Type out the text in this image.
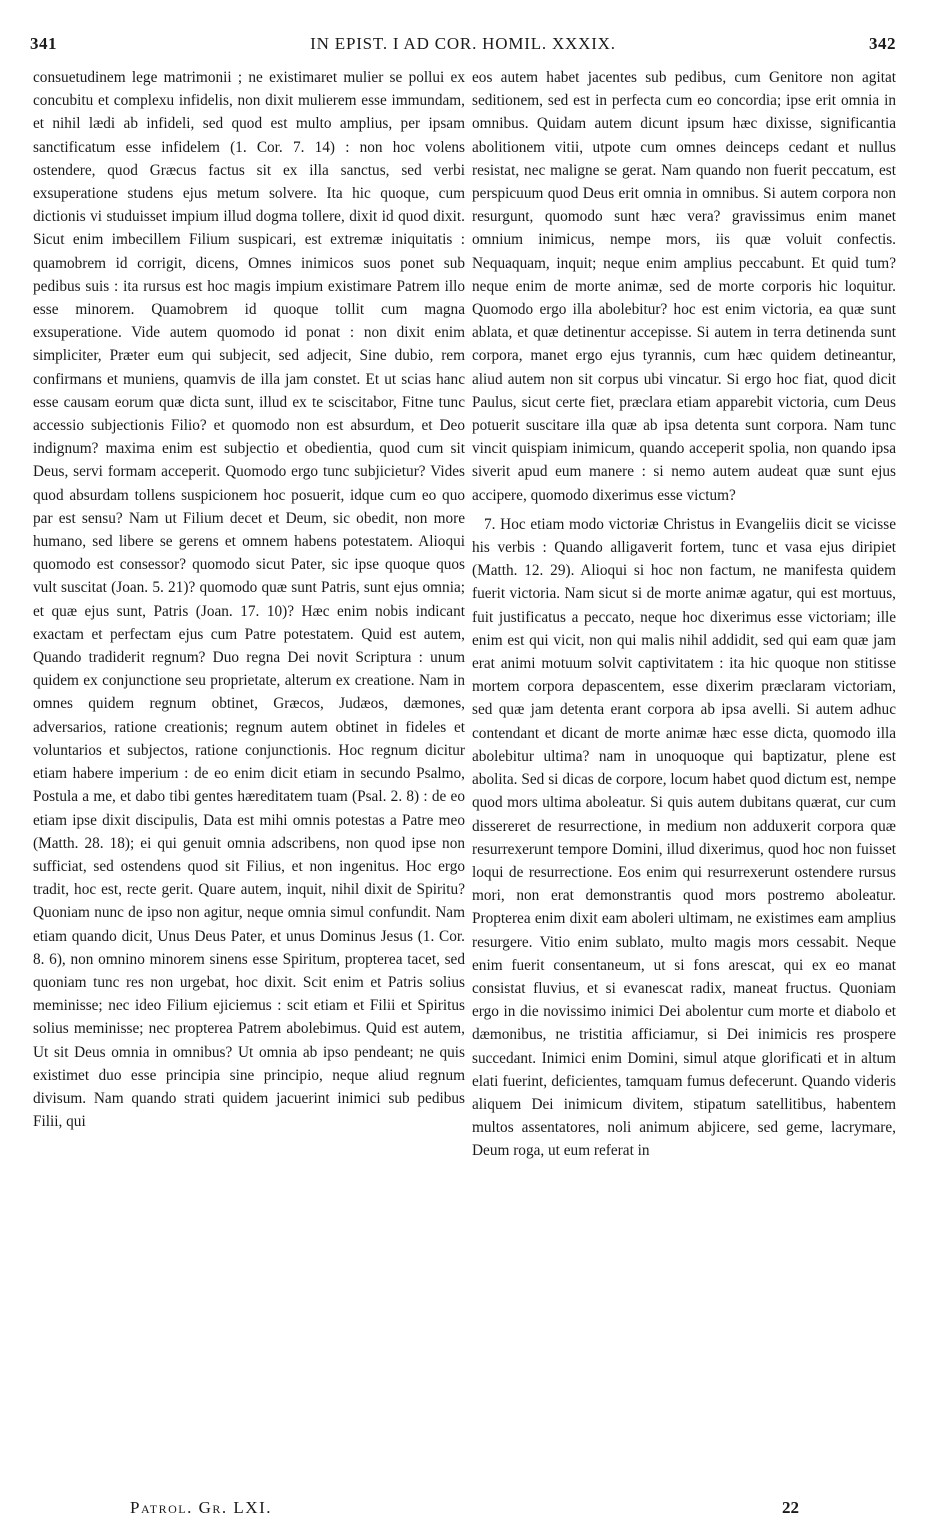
341	IN EPIST. I AD COR. HOMIL. XXXIX.	342

consuetudinem lege matrimonii ; ne existimaret mulier se pollui ex concubitu et complexu infidelis, non dixit mulierem esse immundam, et nihil lædi ab infideli, sed quod est multo amplius, per ipsam sanctificatum esse infidelem (1. Cor. 7. 14) : non hoc volens ostendere, quod Græcus factus sit ex illa sanctus, sed verbi exsuperatione studens ejus metum solvere. Ita hic quoque, cum dictionis vi studuisset impium illud dogma tollere, dixit id quod dixit. Sicut enim imbecillem Filium suspicari, est extremæ iniquitatis : quamobrem id corrigit, dicens, Omnes inimicos suos ponet sub pedibus suis : ita rursus est hoc magis impium existimare Patrem illo esse minorem. Quamobrem id quoque tollit cum magna exsuperatione. Vide autem quomodo id ponat : non dixit enim simpliciter, Præter eum qui subjecit, sed adjecit, Sine dubio, rem confirmans et muniens, quamvis de illa jam constet. Et ut scias hanc esse causam eorum quæ dicta sunt, illud ex te sciscitabor, Fitne tunc accessio subjectionis Filio? et quomodo non est absurdum, et Deo indignum? maxima enim est subjectio et obedientia, quod cum sit Deus, servi formam acceperit. Quomodo ergo tunc subjicietur? Vides quod absurdam tollens suspicionem hoc posuerit, idque cum eo quo par est sensu? Nam ut Filium decet et Deum, sic obedit, non more humano, sed libere se gerens et omnem habens potestatem. Alioqui quomodo est consessor? quomodo sicut Pater, sic ipse quoque quos vult suscitat (Joan. 5. 21)? quomodo quæ sunt Patris, sunt ejus omnia; et quæ ejus sunt, Patris (Joan. 17. 10)? Hæc enim nobis indicant exactam et perfectam ejus cum Patre potestatem. Quid est autem, Quando tradiderit regnum? Duo regna Dei novit Scriptura : unum quidem ex conjunctione seu proprietate, alterum ex creatione. Nam in omnes quidem regnum obtinet, Græcos, Judæos, dæmones, adversarios, ratione creationis; regnum autem obtinet in fideles et voluntarios et subjectos, ratione conjunctionis. Hoc regnum dicitur etiam habere imperium : de eo enim dicit etiam in secundo Psalmo, Postula a me, et dabo tibi gentes hæreditatem tuam (Psal. 2. 8) : de eo etiam ipse dixit discipulis, Data est mihi omnis potestas a Patre meo (Matth. 28. 18); ei qui genuit omnia adscribens, non quod ipse non sufficiat, sed ostendens quod sit Filius, et non ingenitus. Hoc ergo tradit, hoc est, recte gerit. Quare autem, inquit, nihil dixit de Spiritu? Quoniam nunc de ipso non agitur, neque omnia simul confundit. Nam etiam quando dicit, Unus Deus Pater, et unus Dominus Jesus (1. Cor. 8. 6), non omnino minorem sinens esse Spiritum, propterea tacet, sed quoniam tunc res non urgebat, hoc dixit. Scit enim et Patris solius meminisse; nec ideo Filium ejiciemus : scit etiam et Filii et Spiritus solius meminisse; nec propterea Patrem abolebimus. Quid est autem, Ut sit Deus omnia in omnibus? Ut omnia ab ipso pendeant; ne quis existimet duo esse principia sine principio, neque aliud regnum divisum. Nam quando strati quidem jacuerint inimici sub pedibus Filii, qui

eos autem habet jacentes sub pedibus, cum Genitore non agitat seditionem, sed est in perfecta cum eo concordia; ipse erit omnia in omnibus. Quidam autem dicunt ipsum hæc dixisse, significantia abolitionem vitii, utpote cum omnes deinceps cedant et nullus resistat, nec maligne se gerat. Nam quando non fuerit peccatum, est perspicuum quod Deus erit omnia in omnibus. Si autem corpora non resurgunt, quomodo sunt hæc vera? gravissimus enim manet omnium inimicus, nempe mors, iis quæ voluit confectis. Nequaquam, inquit; neque enim amplius peccabunt. Et quid tum? neque enim de morte animæ, sed de morte corporis hic loquitur. Quomodo ergo illa abolebitur? hoc est enim victoria, ea quæ sunt ablata, et quæ detinentur accepisse. Si autem in terra detinenda sunt corpora, manet ergo ejus tyrannis, cum hæc quidem detineantur, aliud autem non sit corpus ubi vincatur. Si ergo hoc fiat, quod dicit Paulus, sicut certe fiet, præclara etiam apparebit victoria, cum Deus potuerit suscitare illa quæ ab ipsa detenta sunt corpora. Nam tunc vincit quispiam inimicum, quando acceperit spolia, non quando ipsa siverit apud eum manere : si nemo autem audeat quæ sunt ejus accipere, quomodo dixerimus esse victum?

7. Hoc etiam modo victoriæ Christus in Evangeliis dicit se vicisse his verbis : Quando alligaverit fortem, tunc et vasa ejus diripiet (Matth. 12. 29). Alioqui si hoc non factum, ne manifesta quidem fuerit victoria. Nam sicut si de morte animæ agatur, qui est mortuus, fuit justificatus a peccato, neque hoc dixerimus esse victoriam; ille enim est qui vicit, non qui malis nihil addidit, sed qui eam quæ jam erat animi motuum solvit captivitatem : ita hic quoque non stitisse mortem corpora depascentem, esse dixerim præclaram victoriam, sed quæ jam detenta erant corpora ab ipsa avelli. Si autem adhuc contendant et dicant de morte animæ hæc esse dicta, quomodo illa abolebitur ultima? nam in unoquoque qui baptizatur, plene est abolita. Sed si dicas de corpore, locum habet quod dictum est, nempe quod mors ultima aboleatur. Si quis autem dubitans quærat, cur cum dissereret de resurrectione, in medium non adduxerit corpora quæ resurrexerunt tempore Domini, illud dixerimus, quod hoc non fuisset loqui de resurrectione. Eos enim qui resurrexerunt ostendere rursus mori, non erat demonstrantis quod mors postremo aboleatur. Propterea enim dixit eam aboleri ultimam, ne existimes eam amplius resurgere. Vitio enim sublato, multo magis mors cessabit. Neque enim fuerit consentaneum, ut si fons arescat, qui ex eo manat consistat fluvius, et si evanescat radix, maneat fructus. Quoniam ergo in die novissimo inimici Dei abolentur cum morte et diabolo et dæmonibus, ne tristitia afficiamur, si Dei inimicis res prospere succedant. Inimici enim Domini, simul atque glorificati et in altum elati fuerint, deficientes, tamquam fumus defecerunt. Quando videris aliquem Dei inimicum divitem, stipatum satellitibus, habentem multos assentatores, noli animum abjicere, sed geme, lacrymare, Deum roga, ut eum referat in

Patrol. Gr. LXI.	22
